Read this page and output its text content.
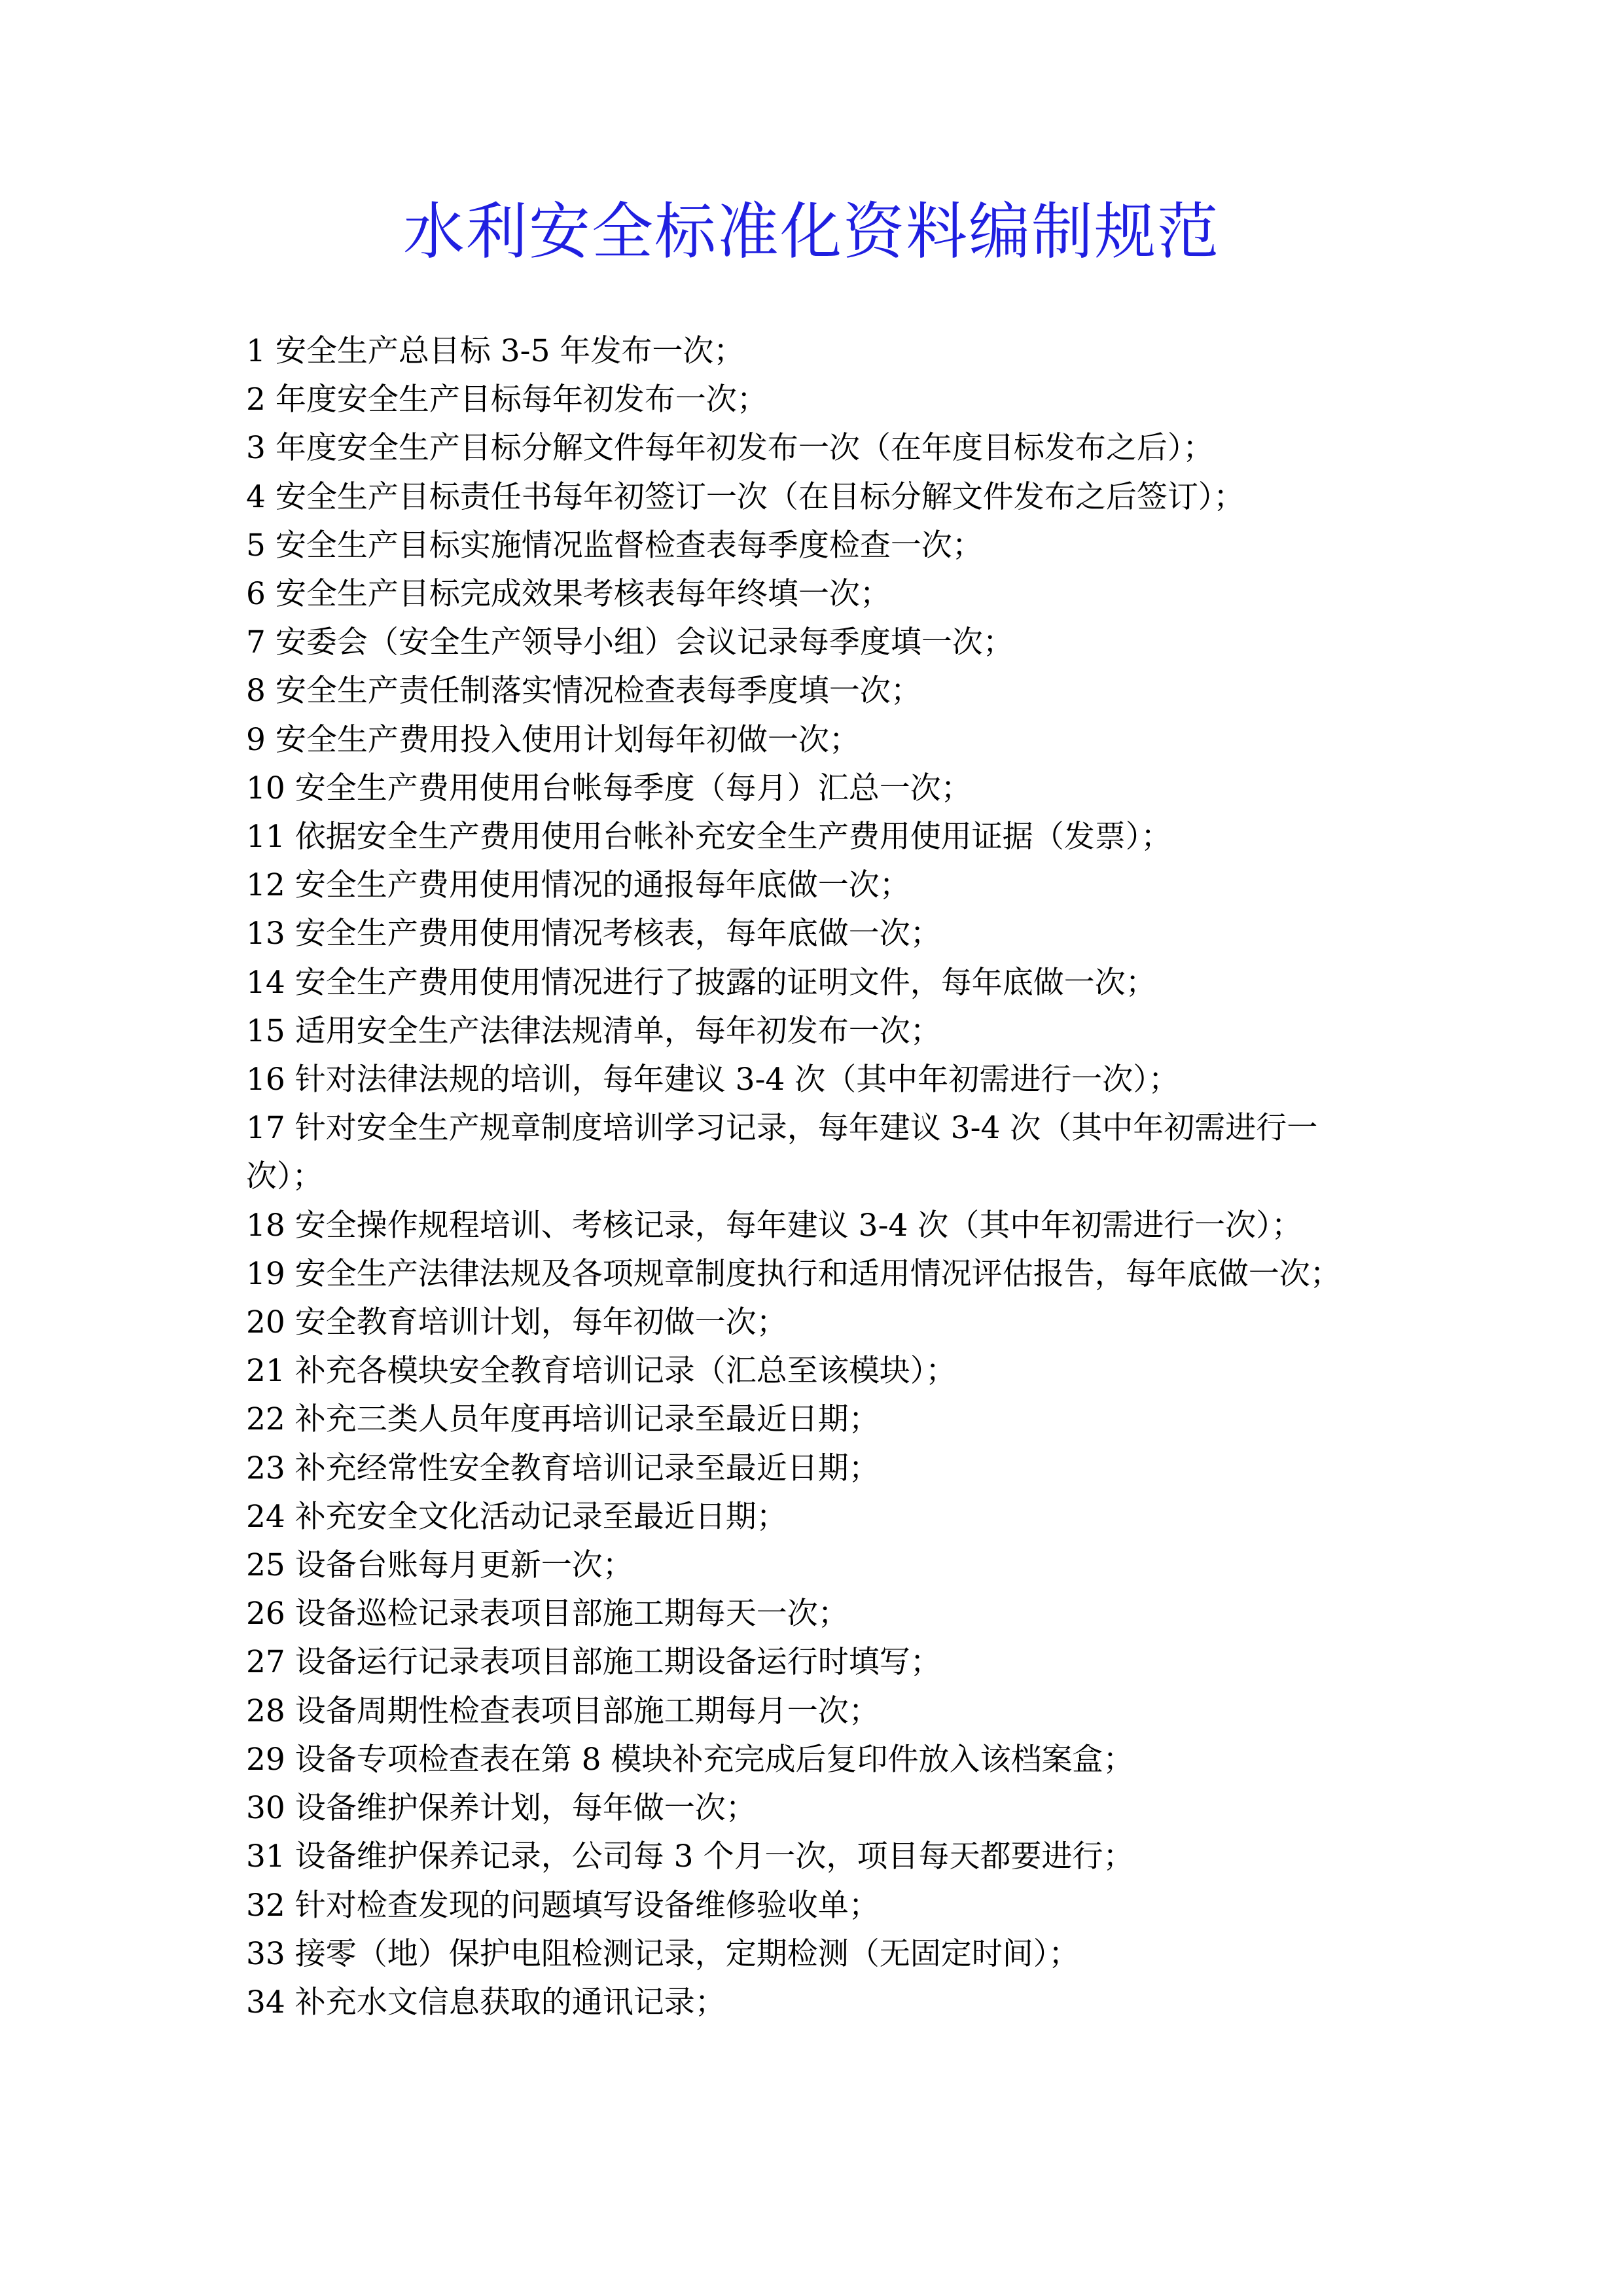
水利安全标准化资料编制规范
1 安全生产总目标 3-5 年发布一次；
2 年度安全生产目标每年初发布一次；
3 年度安全生产目标分解文件每年初发布一次（在年度目标发布之后）；
4 安全生产目标责任书每年初签订一次（在目标分解文件发布之后签订）；
5 安全生产目标实施情况监督检查表每季度检查一次；
6 安全生产目标完成效果考核表每年终填一次；
7 安委会（安全生产领导小组）会议记录每季度填一次；
8 安全生产责任制落实情况检查表每季度填一次；
9 安全生产费用投入使用计划每年初做一次；
10 安全生产费用使用台帐每季度（每月）汇总一次；
11 依据安全生产费用使用台帐补充安全生产费用使用证据（发票）；
12 安全生产费用使用情况的通报每年底做一次；
13 安全生产费用使用情况考核表，每年底做一次；
14 安全生产费用使用情况进行了披露的证明文件，每年底做一次；
15 适用安全生产法律法规清单，每年初发布一次；
16 针对法律法规的培训，每年建议 3-4 次（其中年初需进行一次）；
17 针对安全生产规章制度培训学习记录，每年建议 3-4 次（其中年初需进行一次）；
18 安全操作规程培训、考核记录，每年建议 3-4 次（其中年初需进行一次）；
19 安全生产法律法规及各项规章制度执行和适用情况评估报告，每年底做一次；
20 安全教育培训计划，每年初做一次；
21 补充各模块安全教育培训记录（汇总至该模块）；
22 补充三类人员年度再培训记录至最近日期；
23 补充经常性安全教育培训记录至最近日期；
24 补充安全文化活动记录至最近日期；
25 设备台账每月更新一次；
26 设备巡检记录表项目部施工期每天一次；
27 设备运行记录表项目部施工期设备运行时填写；
28 设备周期性检查表项目部施工期每月一次；
29 设备专项检查表在第 8 模块补充完成后复印件放入该档案盒；
30 设备维护保养计划，每年做一次；
31 设备维护保养记录，公司每 3 个月一次，项目每天都要进行；
32 针对检查发现的问题填写设备维修验收单；
33 接零（地）保护电阻检测记录，定期检测（无固定时间）；
34 补充水文信息获取的通讯记录；
